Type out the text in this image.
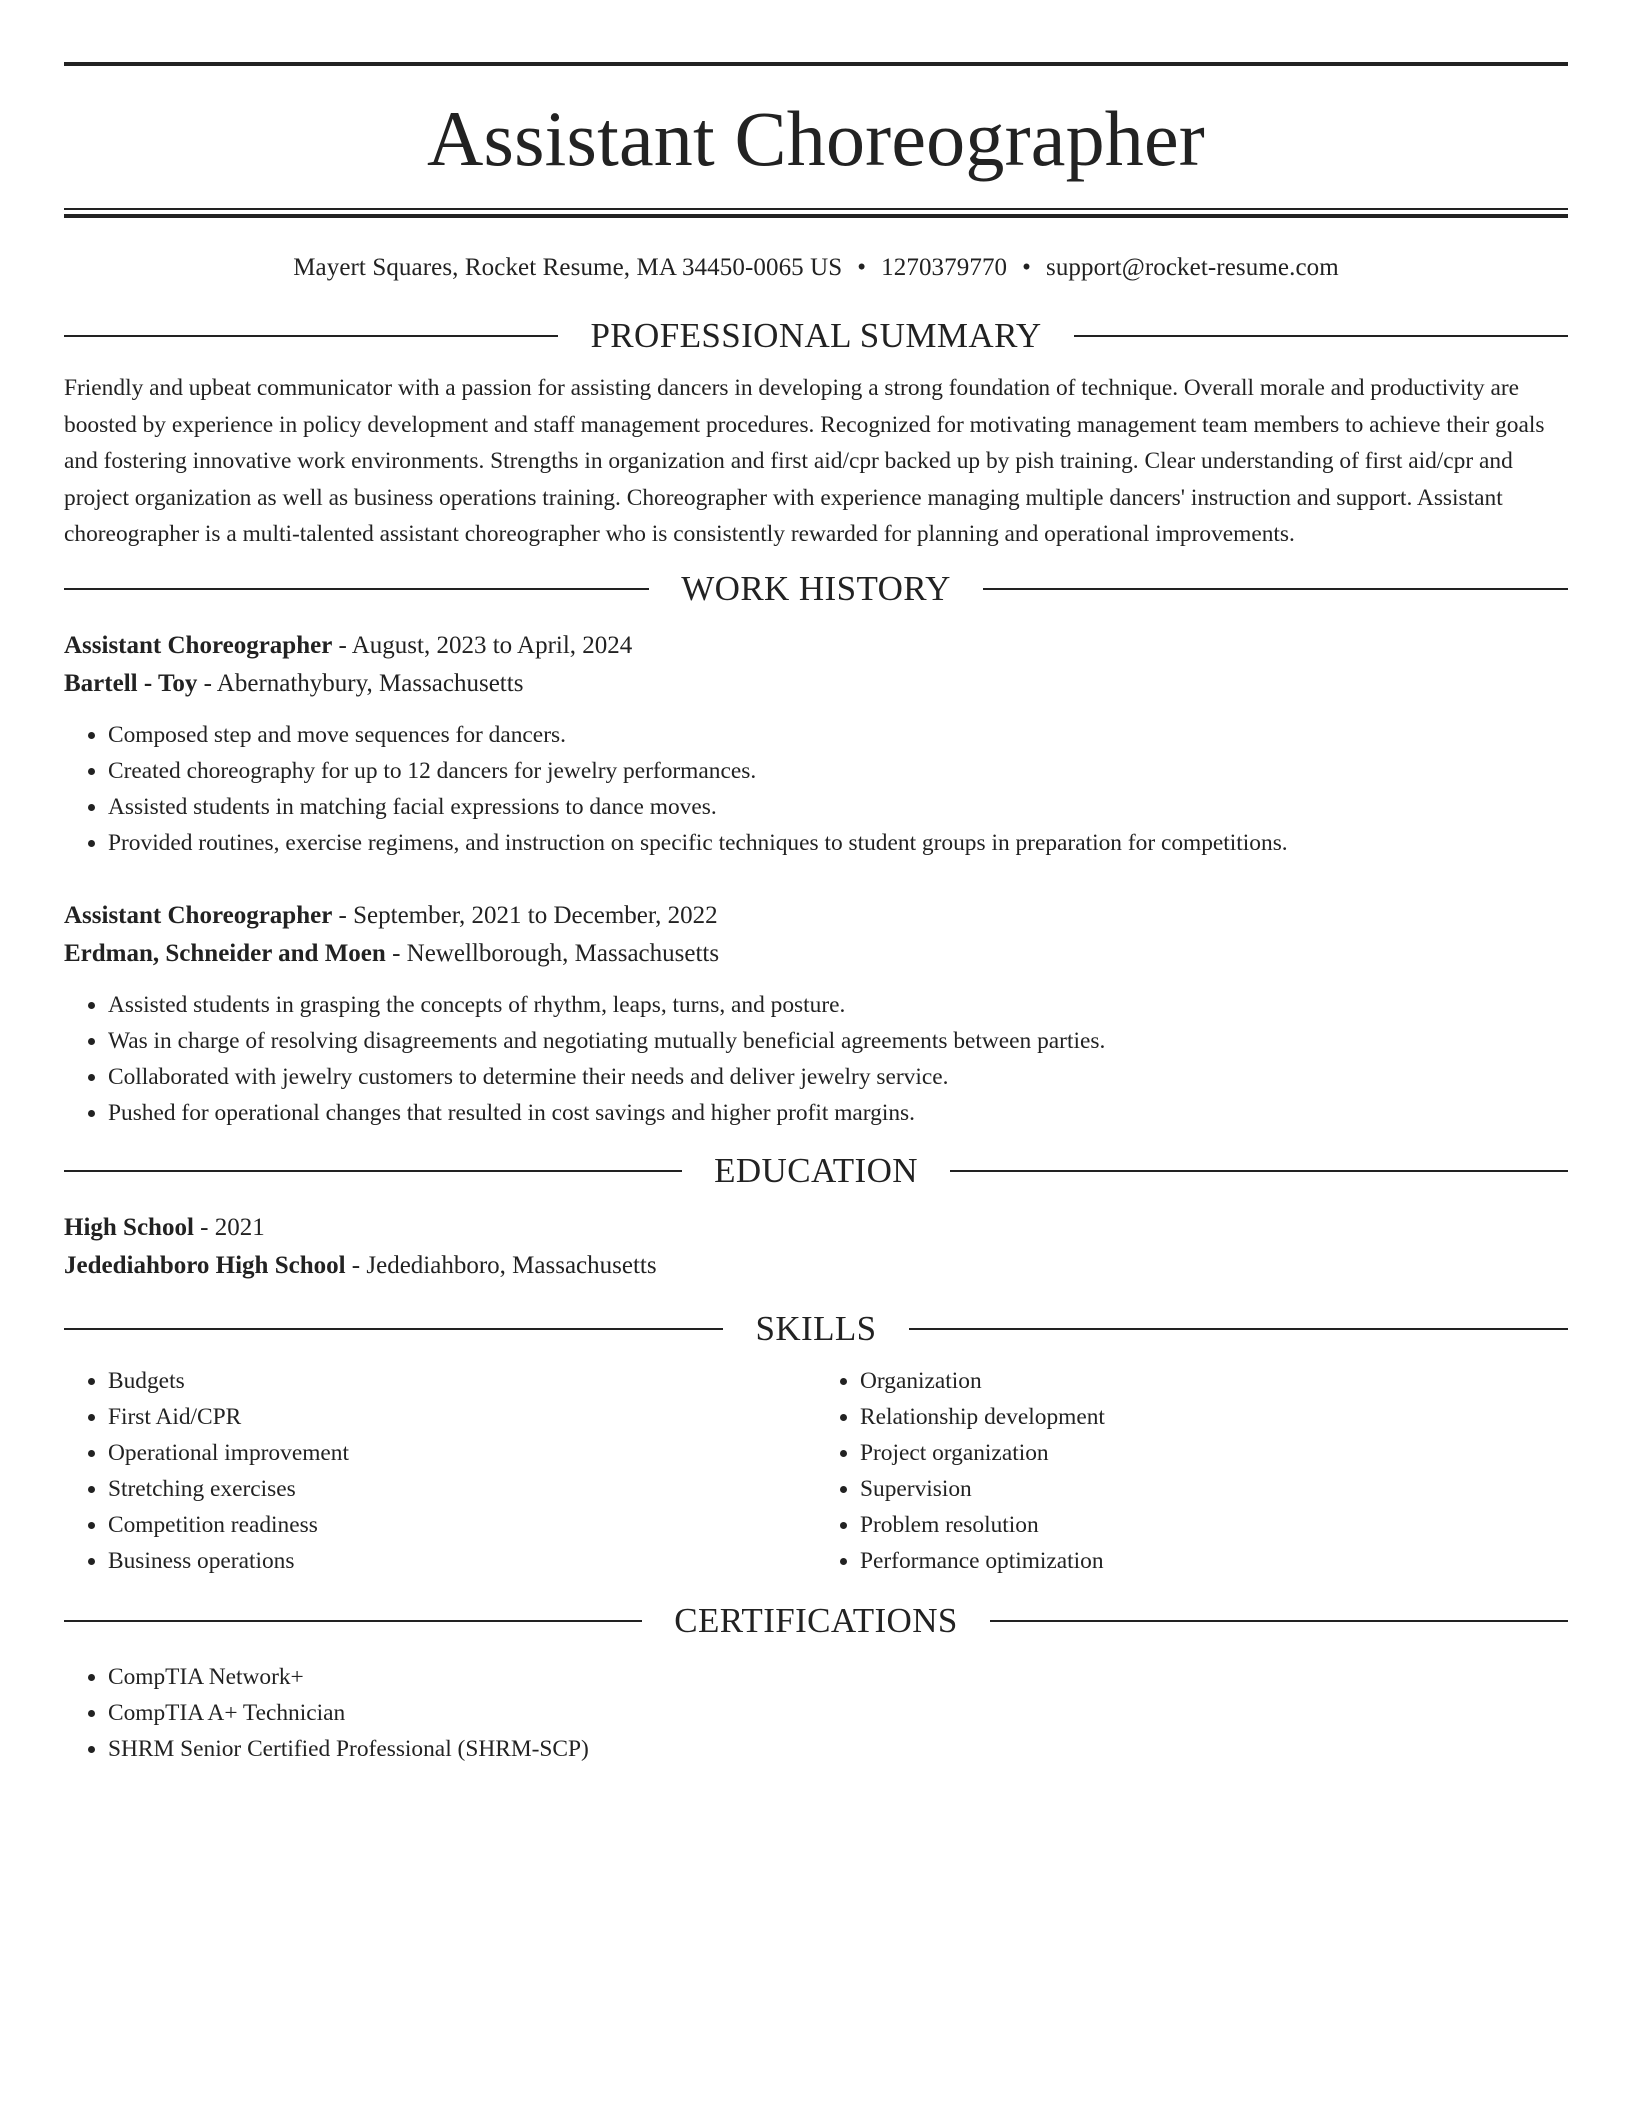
Assistant Choreographer
Mayert Squares, Rocket Resume, MA 34450-0065 US • 1270379770 • support@rocket-resume.com
PROFESSIONAL SUMMARY

Friendly and upbeat communicator with a passion for assisting dancers in developing a strong foundation of technique. Overall morale and productivity are boosted by experience in policy development and staff management procedures. Recognized for motivating management team members to achieve their goals and fostering innovative work environments. Strengths in organization and first aid/cpr backed up by pish training. Clear understanding of first aid/cpr and project organization as well as business operations training. Choreographer with experience managing multiple dancers' instruction and support. Assistant choreographer is a multi-talented assistant choreographer who is consistently rewarded for planning and operational improvements.

WORK HISTORY
Assistant Choreographer - August, 2023 to April, 2024
Bartell - Toy - Abernathybury, Massachusetts
• Composed step and move sequences for dancers.
• Created choreography for up to 12 dancers for jewelry performances.
• Assisted students in matching facial expressions to dance moves.
• Provided routines, exercise regimens, and instruction on specific techniques to student groups in preparation for competitions.
Assistant Choreographer - September, 2021 to December, 2022
Erdman, Schneider and Moen - Newellborough, Massachusetts
• Assisted students in grasping the concepts of rhythm, leaps, turns, and posture.
• Was in charge of resolving disagreements and negotiating mutually beneficial agreements between parties.
• Collaborated with jewelry customers to determine their needs and deliver jewelry service.
• Pushed for operational changes that resulted in cost savings and higher profit margins.
EDUCATION
High School - 2021
Jedediahboro High School - Jedediahboro, Massachusetts
SKILLS
• Budgets
• First Aid/CPR
• Operational improvement
• Stretching exercises
• Competition readiness
• Business operations
• Organization
• Relationship development
• Project organization
• Supervision
• Problem resolution
• Performance optimization
CERTIFICATIONS
• CompTIA Network+
• CompTIA A+ Technician
• SHRM Senior Certified Professional (SHRM-SCP)
